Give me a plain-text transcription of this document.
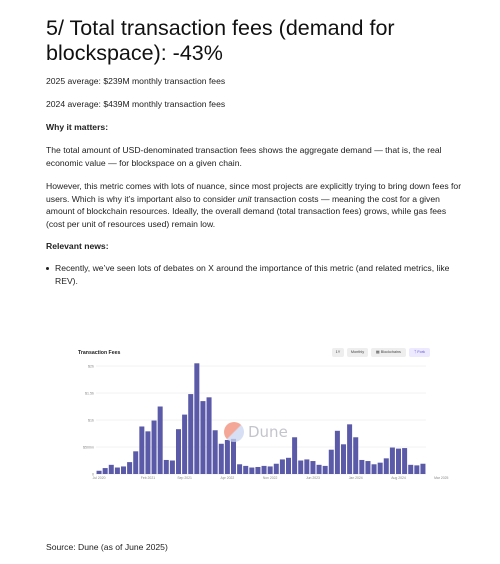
5/ Total transaction fees (demand for blockspace): -43%

2025 average: $239M monthly transaction fees

2024 average: $439M monthly transaction fees

Why it matters:

The total amount of USD-denominated transaction fees shows the aggregate demand — that is, the real economic value — for blockspace on a given chain.

However, this metric comes with lots of nuance, since most projects are explicitly trying to bring down fees for users. Which is why it’s important also to consider unit transaction costs — meaning the cost for a given amount of blockchain resources. Ideally, the overall demand (total transaction fees) grows, while gas fees (cost per unit of resources used) remain low.

Relevant news:

Recently, we’ve seen lots of debates on X around the importance of this metric (and related metrics, like REV).
Transaction Fees	1Y	Monthly	▦ Blockchains	ᛉ Fork
0
$500m
$1b
$1.5b
$2b
Jul 2020	Feb 2021	Sep 2021	Apr 2022	Nov 2022	Jun 2023	Jan 2024	Aug 2024	Mar 2025
Dune
Source: Dune (as of June 2025)
